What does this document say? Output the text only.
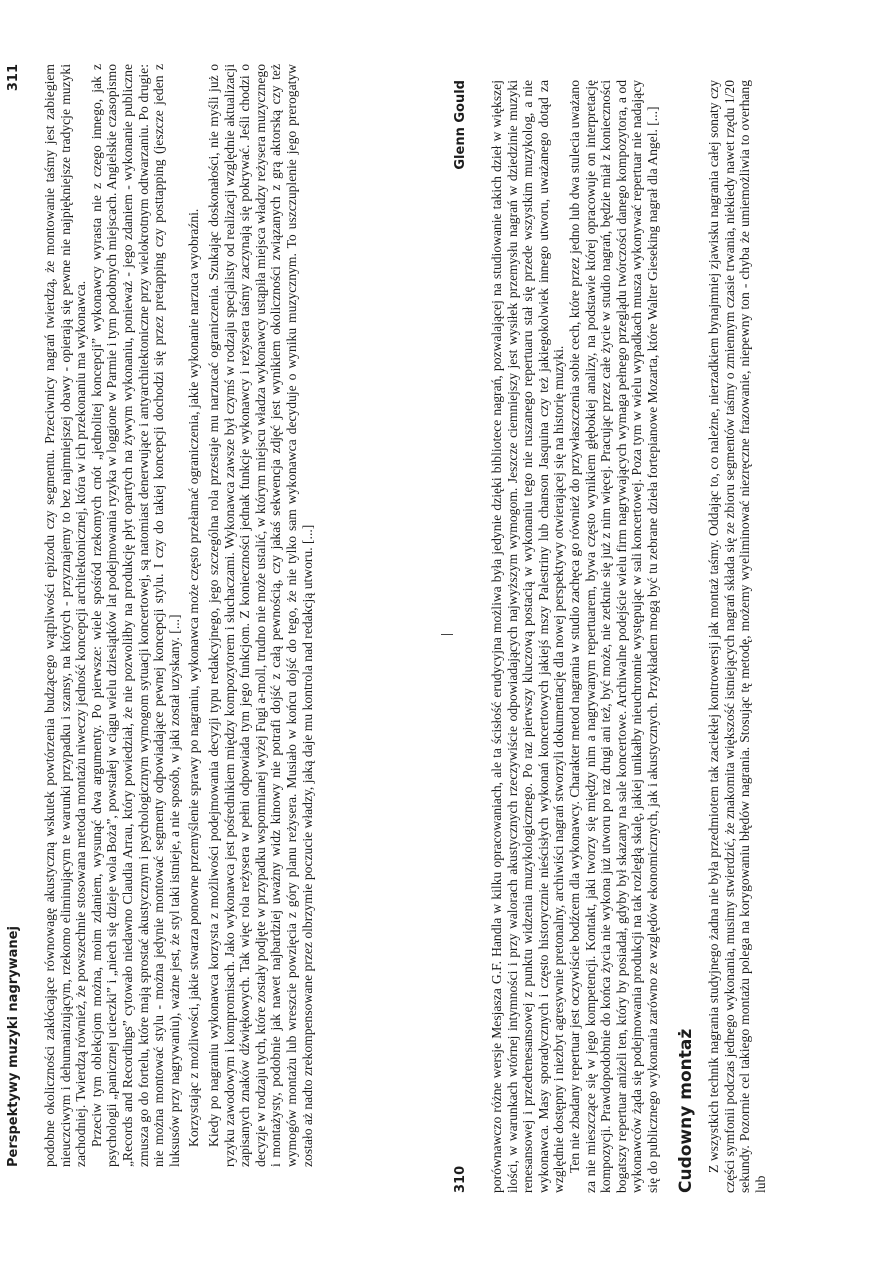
310
Glenn Gould porównawczo różne wersje Mesjasza G.F. Handla w kilku opracowaniach, ale ta ścisłość erudycyjna możliwa była jedynie dzięki bibliotece nagrań, pozwalającej na studiowanie takich dzieł w większej ilości, w warunkach wtórnej intymności i przy walorach akustycznych rzeczywiście odpowiadających najwyższym wymogom. Jeszcze ciemniejszy jest wysiłek przemysłu nagrań w dziedzinie muzyki renesansowej i przedrenesansowej z punktu widzenia muzykologicznego. Po raz pierwszy kluczową postacią w wykonaniu tego nie ruszanego repertuaru stał się przede wszystkim muzykolog, a nie wykonawca. Masy sporadycznych i często historycznie nieścisłych wykonań koncertowych jakiejś mszy Palestriny lub chanson Jasquina czy też jakiegokolwiek innego utworu, uważanego dotąd za względnie dostępny i niezbyt agresywnie pretonalny, archiwiści nagrań stworzyli dokumentację dla nowej perspektywy otwierającej się na historię muzyki. Ten nie zbadany repertuar jest oczywiście bodźcem dla wykonawcy. Charakter metod nagrania w studio zachęca go również do przywłaszczenia sobie cech, które przez jedno lub dwa stulecia uważano za nie mieszczące się w jego kompetencji. Kontakt, jaki tworzy się między nim a nagrywanym repertuarem, bywa często wynikiem głębokiej analizy, na podstawie której opracowuje on interpretację kompozycji. Prawdopodobnie do końca życia nie wykona już utworu po raz drugi ani też, być może, nie zetknie się już z nim więcej. Pracując przez całe życie w studio nagrań, będzie miał z konieczności bogatszy repertuar aniżeli ten, który by posiadał, gdyby był skazany na sale koncertowe. Archiwalne podejście wielu firm nagrywających wymaga pełnego przeglądu twórczości danego kompozytora, a od wykonawców żąda się podejmowania produkcji na tak rozległą skalę, jakiej unikałby nieuchronnie występując w sali koncertowej. Poza tym w wielu wypadkach musza wykonywać repertuar nie nadający się do publicznego wykonania zarówno ze względów ekonomicznych, jak i akustycznych. Przykładem mogą być tu zebrane dzieła fortepianowe Mozarta, które Walter Gieseking nagrał dla Angel. [...] Cudowny montaż Z wszystkich technik nagrania studyjnego żadna nie była przedmiotem tak zaciekłej kontrowersji jak montaż taśmy. Oddając to, co należne, nierzadkiem bynajmniej zjawisku nagrania całej sonaty czy części symfonii podczas jednego wykonania, musimy stwierdzić, że znakomita większość istniejących nagrań składa się ze zbioru segmentów taśmy o zmiennym czasie trwania, niekiedy nawet rzędu 1/20 sekundy. Pozornie cel takiego montażu polega na korygowaniu błędów nagrania. Stosując tę metodę, możemy wyeliminować niezręczne frazowanie, niepewny ton - chyba że umiemożliwia to overhang lub

Perspektywy muzyki nagrywanej
311 podobne okoliczności zakłócające równowagę akustyczną wskutek powtórzenia budzącego wątpliwości epizodu czy segmentu. Przeciwnicy nagrań twierdzą, że montowanie taśmy jest zabiegiem nieuczciwym i dehumanizującym, rzekomo eliminującym te warunki przypadku i szansy, na których - przyznajemy to bez najmniejszej obawy - opierają się pewne nie najpiękniejsze tradycje muzyki zachodniej. Twierdzą również, że powszechnie stosowana metoda montażu niweczy jedność koncepcji architektonicznej, która w ich przekonaniu ma wykonawca. Przeciw tym oblekcjom można, moim zdaniem, wysunąć dwa argumenty. Po pierwsze: wiele spośród rzekomych cnót „jednolitej koncepcji” wykonawcy wyrasta nie z czego innego, jak z psychologii „panicznej ucieczki” i „niech się dzieje wola Boża”, powstałej w ciągu wielu dziesiątków lat podejmowania ryzyka w loggione w Parmie i tym podobnych miejscach. Angielskie czasopismo „Records and Recordings” cytowało niedawno Claudia Arrau, który powiedział, że nie pozwoliłby na produkcję płyt opartych na żywym wykonaniu, ponieważ - jego zdaniem - wykonanie publiczne zmusza go do fortelu, które mają sprostać akustycznym i psychologicznym wymogom sytuacji koncertowej, są natomiast denerwujące i antyarchitektoniczne przy wielokrotnym odtwarzaniu. Po drugie: nie można montować stylu - można jedynie montować segmenty odpowiadające pewnej koncepcji stylu. I czy do takiej koncepcji dochodzi się przez pretapping czy posttapping (jeszcze jeden z luksusów przy nagrywaniu), ważne jest, że styl taki istnieje, a nie sposób, w jaki został uzyskany. [...] Korzystając z możliwości, jakie stwarza ponowne przemyślenie sprawy po nagraniu, wykonawca może często przełamać ograniczenia, jakie wykonanie narzuca wyobraźni. Kiedy po nagraniu wykonawca korzysta z możliwości podejmowania decyzji typu redakcyjnego, jego szczególna rola przestaje mu narzucać ograniczenia. Szukając doskonałości, nie myśli już o ryzyku zawodowym i kompromisach. Jako wykonawca jest pośrednikiem między kompozytorem i słuchaczami. Wykonawca zawsze był czymś w rodzaju specjalisty od realizacji względnie aktualizacji zapisanych znaków dźwiękowych. Tak więc rola reżysera w pełni odpowiada tym jego funkcjom. Z konieczności jednak funkcje wykonawcy i reżysera taśmy zaczynają się pokrywać. Jeśli chodzi o decyzje w rodzaju tych, które zostały podjęte w przypadku wspomnianej wyżej Fugi a-moll, trudno nie może ustalić, w którym miejscu władza wykonawcy ustąpiła miejsca władzy reżysera muzycznego i montażysty, podobnie jak nawet najbardziej uważny widz kinowy nie potrafi dojść z całą pewnością, czy jakaś sekwencja zdjęć jest wynikiem okoliczności związanych z grą aktorską czy też wymogów montażu lub wreszcie powzięcia z góry planu reżysera. Musiało w końcu dojść do tego, że nie tylko sam wykonawca decyduje o wyniku muzycznym. To uszczuplenie jego prerogatyw zostało aż nadto zrekompensowane przez olbrzymie poczucie władzy, jaką daje mu kontrola nad redakcją utworu. [...]
